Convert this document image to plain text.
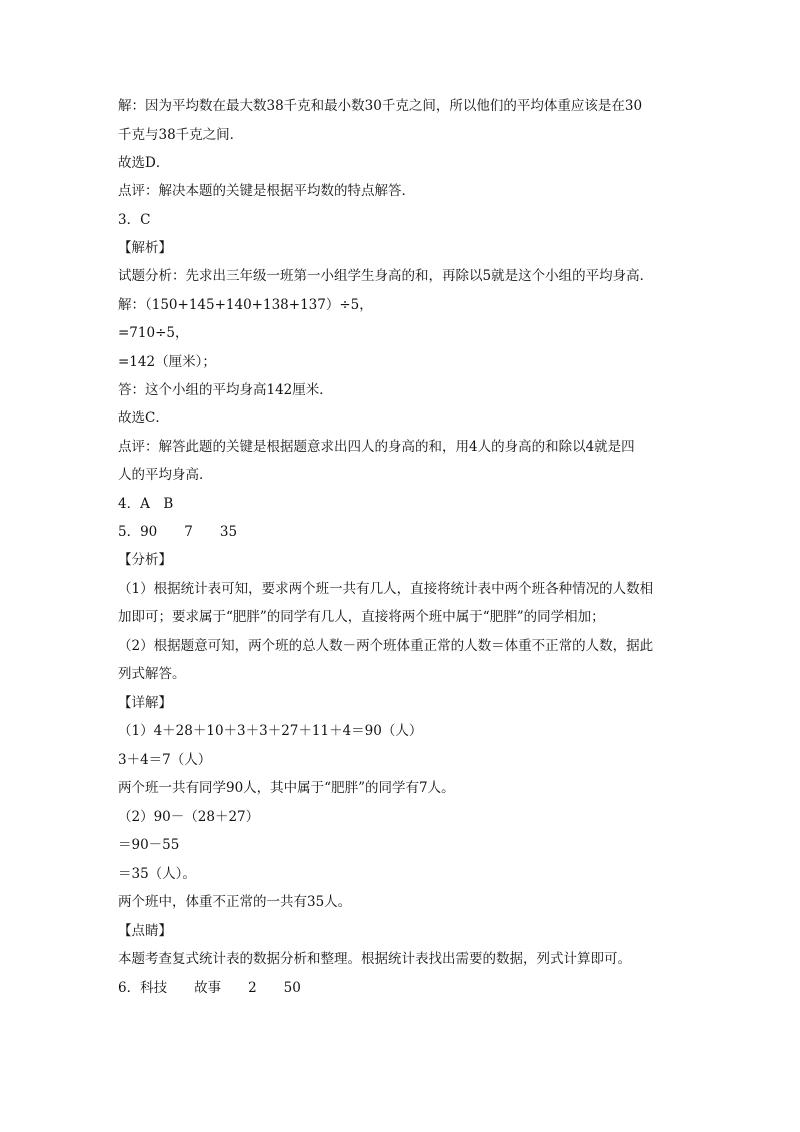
解：因为平均数在最大数38千克和最小数30千克之间，所以他们的平均体重应该是在30
千克与38千克之间．
故选D．
点评：解决本题的关键是根据平均数的特点解答．
3．C
【解析】
试题分析：先求出三年级一班第一小组学生身高的和，再除以5就是这个小组的平均身高．
解：（150+145+140+138+137）÷5，
=710÷5，
=142（厘米）；
答：这个小组的平均身高142厘米．
故选C．
点评：解答此题的关键是根据题意求出四人的身高的和，用4人的身高的和除以4就是四
人的平均身高．
4．A　B
5．90　　7　　35
【分析】
（1）根据统计表可知，要求两个班一共有几人，直接将统计表中两个班各种情况的人数相
加即可；要求属于“肥胖”的同学有几人，直接将两个班中属于“肥胖”的同学相加；
（2）根据题意可知，两个班的总人数－两个班体重正常的人数＝体重不正常的人数，据此
列式解答。
【详解】
（1）4＋28＋10＋3＋3＋27＋11＋4＝90（人）
3＋4＝7（人）
两个班一共有同学90人，其中属于“肥胖”的同学有7人。
（2）90－（28＋27）
＝90－55
＝35（人）。
两个班中，体重不正常的一共有35人。
【点睛】
本题考查复式统计表的数据分析和整理。根据统计表找出需要的数据，列式计算即可。
6．科技　　故事　　2　　50
